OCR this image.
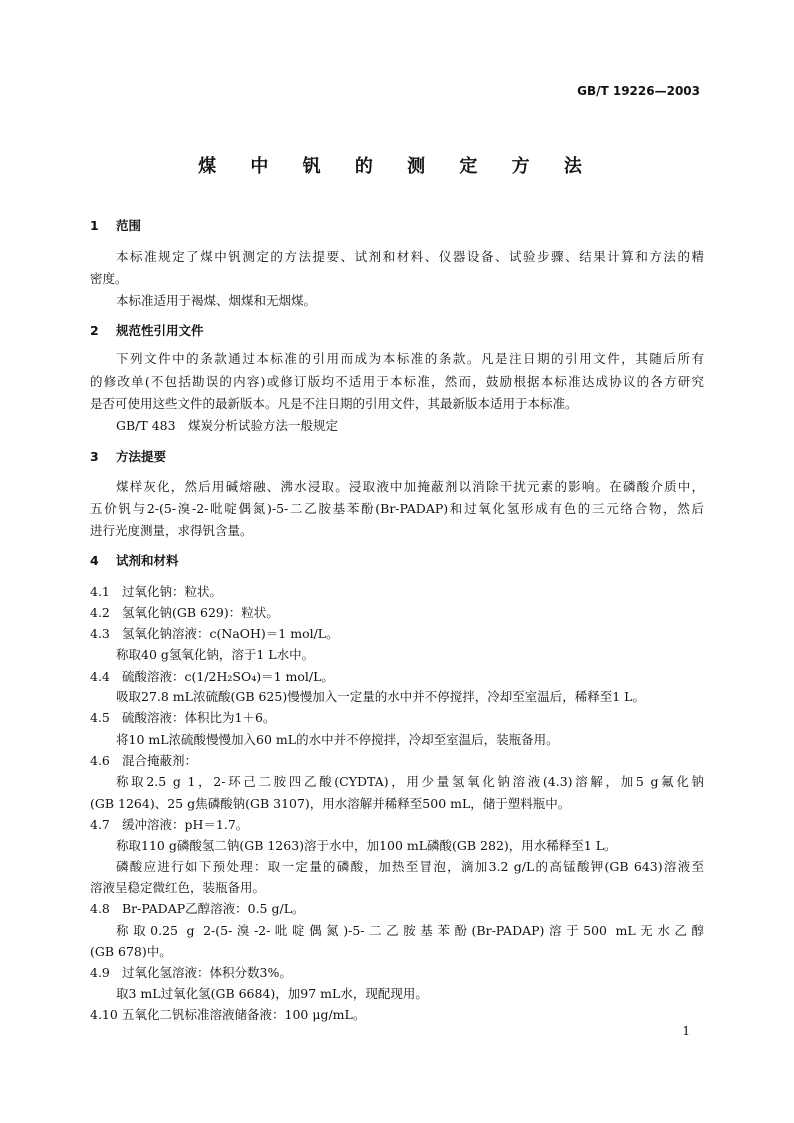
GB/T 19226—2003
煤 中 钒 的 测 定 方 法
1 范围
本标准规定了煤中钒测定的方法提要、试剂和材料、仪器设备、试验步骤、结果计算和方法的精
密度。
本标准适用于褐煤、烟煤和无烟煤。
2 规范性引用文件
下列文件中的条款通过本标准的引用而成为本标准的条款。凡是注日期的引用文件，其随后所有
的修改单(不包括勘误的内容)或修订版均不适用于本标准，然而，鼓励根据本标准达成协议的各方研究
是否可使用这些文件的最新版本。凡是不注日期的引用文件，其最新版本适用于本标准。
GB/T 483　煤炭分析试验方法一般规定
3 方法提要
煤样灰化，然后用碱熔融、沸水浸取。浸取液中加掩蔽剂以消除干扰元素的影响。在磷酸介质中，
五价钒与2-(5-溴-2-吡啶偶氮)-5-二乙胺基苯酚(Br-PADAP)和过氧化氢形成有色的三元络合物，然后
进行光度测量，求得钒含量。
4 试剂和材料
4.1 过氧化钠：粒状。
4.2 氢氧化钠(GB 629)：粒状。
4.3 氢氧化钠溶液：c(NaOH)＝1 mol/L。
称取40 g氢氧化钠，溶于1 L水中。
4.4 硫酸溶液：c(1/2H₂SO₄)＝1 mol/L。
吸取27.8 mL浓硫酸(GB 625)慢慢加入一定量的水中并不停搅拌，冷却至室温后，稀释至1 L。
4.5 硫酸溶液：体积比为1＋6。
将10 mL浓硫酸慢慢加入60 mL的水中并不停搅拌，冷却至室温后，装瓶备用。
4.6 混合掩蔽剂：
称取2.5 g 1，2-环己二胺四乙酸(CYDTA)，用少量氢氧化钠溶液(4.3)溶解，加5 g氟化钠
(GB 1264)、25 g焦磷酸钠(GB 3107)，用水溶解并稀释至500 mL，储于塑料瓶中。
4.7 缓冲溶液：pH＝1.7。
称取110 g磷酸氢二钠(GB 1263)溶于水中，加100 mL磷酸(GB 282)，用水稀释至1 L。
磷酸应进行如下预处理：取一定量的磷酸，加热至冒泡，滴加3.2 g/L的高锰酸钾(GB 643)溶液至
溶液呈稳定微红色，装瓶备用。
4.8 Br-PADAP乙醇溶液：0.5 g/L。
称取0.25 g 2-(5-溴-2-吡啶偶氮)-5-二乙胺基苯酚(Br-PADAP)溶于500 mL无水乙醇
(GB 678)中。
4.9 过氧化氢溶液：体积分数3%。
取3 mL过氧化氢(GB 6684)，加97 mL水，现配现用。
4.10 五氧化二钒标准溶液储备液：100 μg/mL。
1
